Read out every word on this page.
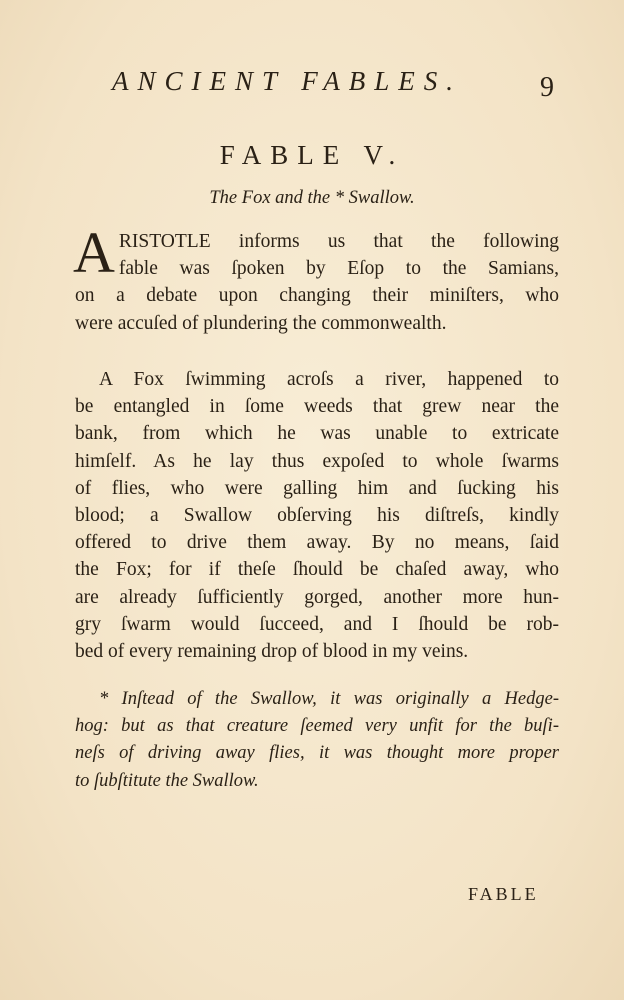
ANCIENT FABLES.	9
FABLE V.
The Fox and the * Swallow.
A RISTOTLE informs us that the following
fable was ſpoken by Eſop to the Samians,
on a debate upon changing their miniſters, who
were accuſed of plundering the commonwealth.
A Fox ſwimming acroſs a river, happened to
be entangled in ſome weeds that grew near the
bank, from which he was unable to extricate
himſelf. As he lay thus expoſed to whole ſwarms
of flies, who were galling him and ſucking his
blood; a Swallow obſerving his diſtreſs, kindly
offered to drive them away. By no means, ſaid
the Fox; for if theſe ſhould be chaſed away, who
are already ſufficiently gorged, another more hun-
gry ſwarm would ſucceed, and I ſhould be rob-
bed of every remaining drop of blood in my veins.
* Inſtead of the Swallow, it was originally a Hedge-
hog: but as that creature ſeemed very unfit for the buſi-
neſs of driving away flies, it was thought more proper
to ſubſtitute the Swallow.
FABLE
